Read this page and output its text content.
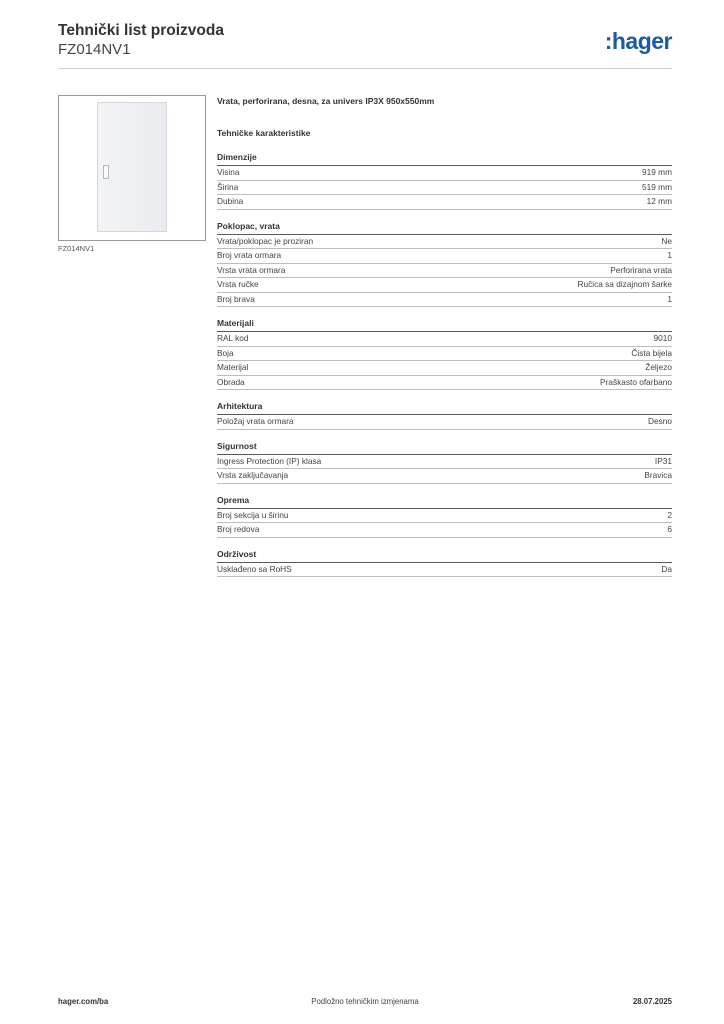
Tehnički list proizvoda
FZ014NV1	:hager
FZ014NV1
Vrata, perforirana, desna, za univers IP3X 950x550mm
Tehničke karakteristike
Dimenzije
Visina	919 mm
Širina	519 mm
Dubina	12 mm
Poklopac, vrata
Vrata/poklopac je proziran	Ne
Broj vrata ormara	1
Vrsta vrata ormara	Perforirana vrata
Vrsta ručke	Ručica sa dizajnom šarke
Broj brava	1
Materijali
RAL kod	9010
Boja	Čista bijela
Materijal	Željezo
Obrada	Praškasto ofarbano
Arhitektura
Položaj vrata ormara	Desno
Sigurnost
Ingress Protection (IP) klasa	IP31
Vrsta zaključavanja	Bravica
Oprema
Broj sekcija u širinu	2
Broj redova	6
Održivost
Usklađeno sa RoHS	Da
hager.com/ba	Podložno tehničkim izmjenama	28.07.2025
